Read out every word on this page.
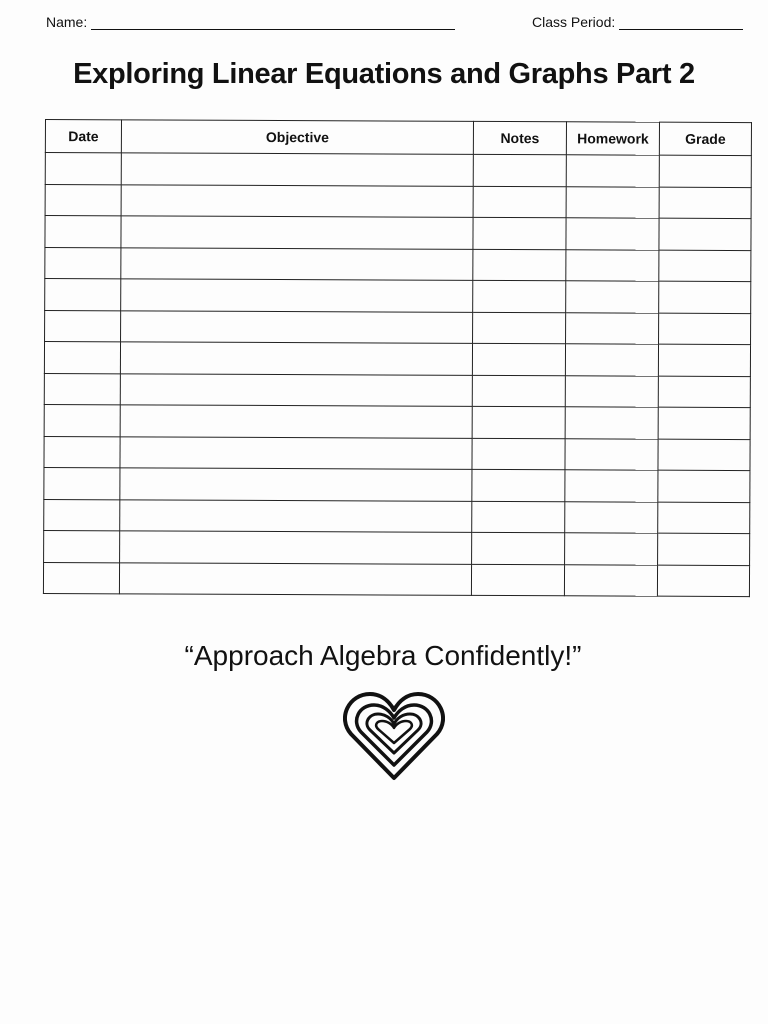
Name:	Class Period:
Exploring Linear Equations and Graphs Part 2
Date	Objective	Notes	Homework	Grade

“Approach Algebra Confidently!”
